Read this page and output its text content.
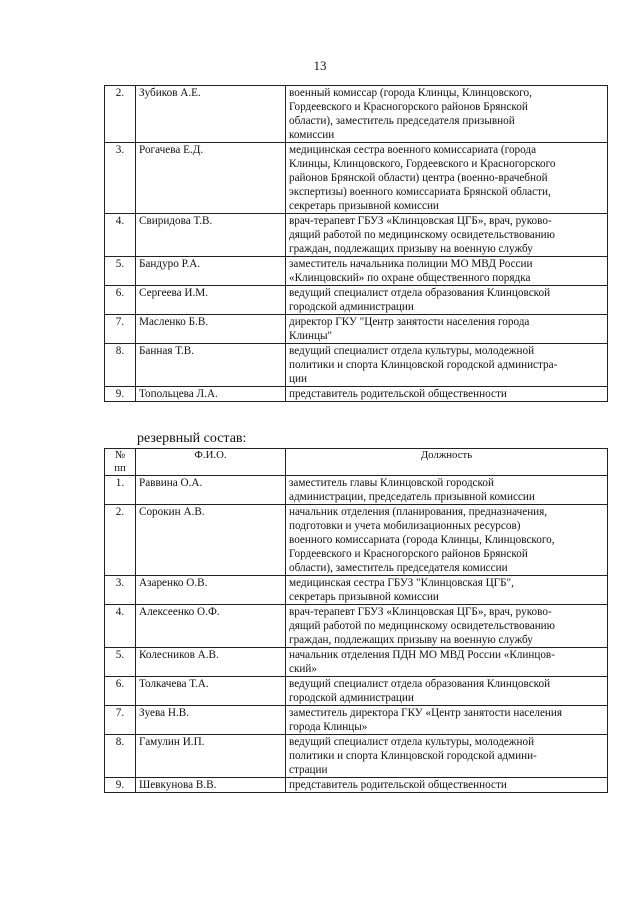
13
2.	Зубиков А.Е.	военный комиссар (города Клинцы, Клинцовского,
Гордеевского и Красногорского районов Брянской
области), заместитель председателя призывной
комиссии

3.	Рогачева Е.Д.	медицинская сестра военного комиссариата (города
Клинцы, Клинцовского, Гордеевского и Красногорского
районов Брянской области) центра (военно-врачебной
экспертизы) военного комиссариата Брянской области,
секретарь призывной комиссии

4.	Свиридова Т.В.	врач-терапевт ГБУЗ «Клинцовская ЦГБ», врач, руково-
дящий работой по медицинскому освидетельствованию
граждан, подлежащих призыву на военную службу

5.	Бандуро Р.А.	заместитель начальника полиции МО МВД России
«Клинцовский» по охране общественного порядка

6.	Сергеева И.М.	ведущий специалист отдела образования Клинцовской
городской администрации

7.	Масленко Б.В.	директор ГКУ "Центр занятости населения города
Клинцы"

8.	Банная Т.В.	ведущий специалист отдела культуры, молодежной
политики и спорта Клинцовской городской администра-
ции

9.	Топольцева Л.А.	представитель родительской общественности
резервный состав:
№ пп	Ф.И.О.	Должность
1.	Раввина О.А.	заместитель главы Клинцовской городской
администрации, председатель призывной комиссии

2.	Сорокин А.В.	начальник отделения (планирования, предназначения,
подготовки и учета мобилизационных ресурсов)
военного комиссариата (города Клинцы, Клинцовского,
Гордеевского и Красногорского районов Брянской
области), заместитель председателя комиссии

3.	Азаренко О.В.	медицинская сестра ГБУЗ "Клинцовская ЦГБ",
секретарь призывной комиссии

4.	Алексеенко О.Ф.	врач-терапевт ГБУЗ «Клинцовская ЦГБ», врач, руково-
дящий работой по медицинскому освидетельствованию
граждан, подлежащих призыву на военную службу

5.	Колесников А.В.	начальник отделения ПДН МО МВД России «Клинцов-
ский»

6.	Толкачева Т.А.	ведущий специалист отдела образования Клинцовской
городской администрации

7.	Зуева Н.В.	заместитель директора ГКУ «Центр занятости населения
города Клинцы»

8.	Гамулин И.П.	ведущий специалист отдела культуры, молодежной
политики и спорта Клинцовской городской админи-
страции

9.	Шевкунова В.В.	представитель родительской общественности
